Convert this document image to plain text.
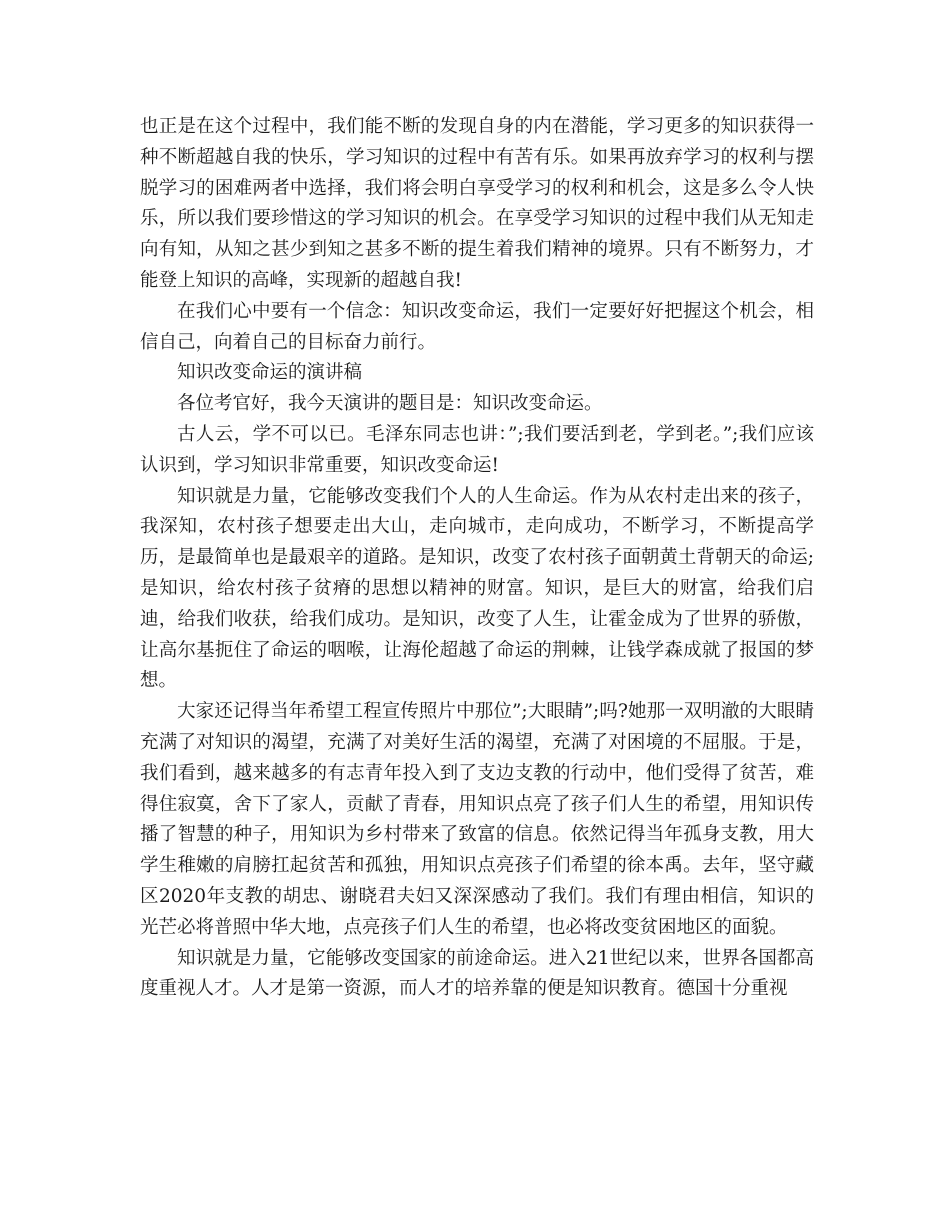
也正是在这个过程中，我们能不断的发现自身的内在潜能，学习更多的知识获得一种不断超越自我的快乐，学习知识的过程中有苦有乐。如果再放弃学习的权利与摆脱学习的困难两者中选择，我们将会明白享受学习的权利和机会，这是多么令人快乐，所以我们要珍惜这的学习知识的机会。在享受学习知识的过程中我们从无知走向有知，从知之甚少到知之甚多不断的提生着我们精神的境界。只有不断努力，才能登上知识的高峰，实现新的超越自我!

在我们心中要有一个信念：知识改变命运，我们一定要好好把握这个机会，相信自己，向着自己的目标奋力前行。

知识改变命运的演讲稿

各位考官好，我今天演讲的题目是：知识改变命运。

古人云，学不可以已。毛泽东同志也讲：”;我们要活到老，学到老。”;我们应该认识到，学习知识非常重要，知识改变命运!

知识就是力量，它能够改变我们个人的人生命运。作为从农村走出来的孩子，我深知，农村孩子想要走出大山，走向城市，走向成功，不断学习，不断提高学历，是最简单也是最艰辛的道路。是知识，改变了农村孩子面朝黄土背朝天的命运;是知识，给农村孩子贫瘠的思想以精神的财富。知识，是巨大的财富，给我们启迪，给我们收获，给我们成功。是知识，改变了人生，让霍金成为了世界的骄傲，让高尔基扼住了命运的咽喉，让海伦超越了命运的荆棘，让钱学森成就了报国的梦想。

大家还记得当年希望工程宣传照片中那位”;大眼睛”;吗?她那一双明澈的大眼睛充满了对知识的渴望，充满了对美好生活的渴望，充满了对困境的不屈服。于是，我们看到，越来越多的有志青年投入到了支边支教的行动中，他们受得了贫苦，难得住寂寞，舍下了家人，贡献了青春，用知识点亮了孩子们人生的希望，用知识传播了智慧的种子，用知识为乡村带来了致富的信息。依然记得当年孤身支教，用大学生稚嫩的肩膀扛起贫苦和孤独，用知识点亮孩子们希望的徐本禹。去年，坚守藏区2020年支教的胡忠、谢晓君夫妇又深深感动了我们。我们有理由相信，知识的光芒必将普照中华大地，点亮孩子们人生的希望，也必将改变贫困地区的面貌。

知识就是力量，它能够改变国家的前途命运。进入21世纪以来，世界各国都高度重视人才。人才是第一资源，而人才的培养靠的便是知识教育。德国十分重视
